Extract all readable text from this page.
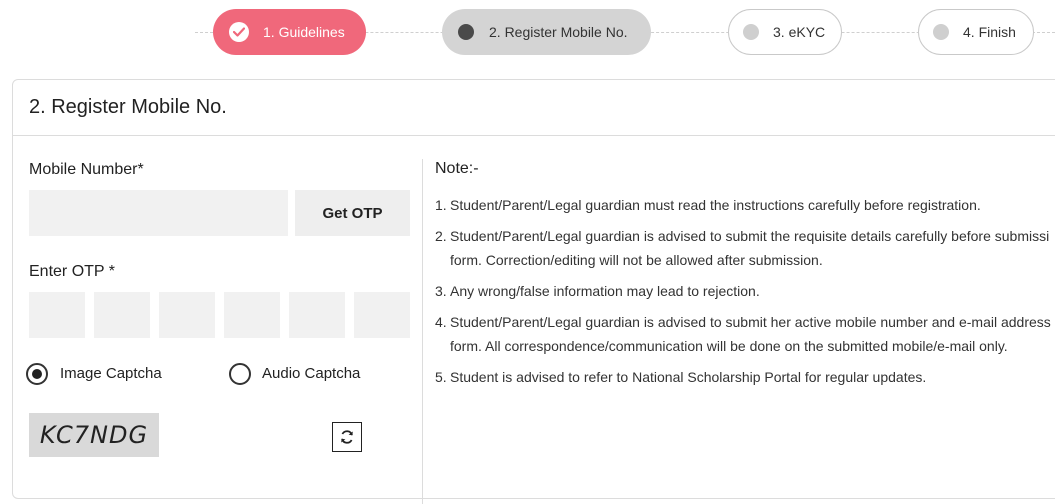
1. Guidelines	2. Register Mobile No.	3. eKYC	4. Finish
2. Register Mobile No.
Mobile Number*
Get OTP
Enter OTP *
Image Captcha	Audio Captcha
KC7NDG
Note:-
1. Student/Parent/Legal guardian must read the instructions carefully before registration.
2. Student/Parent/Legal guardian is advised to submit the requisite details carefully before submissi
form. Correction/editing will not be allowed after submission.
3. Any wrong/false information may lead to rejection.
4. Student/Parent/Legal guardian is advised to submit her active mobile number and e-mail address
form. All correspondence/communication will be done on the submitted mobile/e-mail only.
5. Student is advised to refer to National Scholarship Portal for regular updates.
